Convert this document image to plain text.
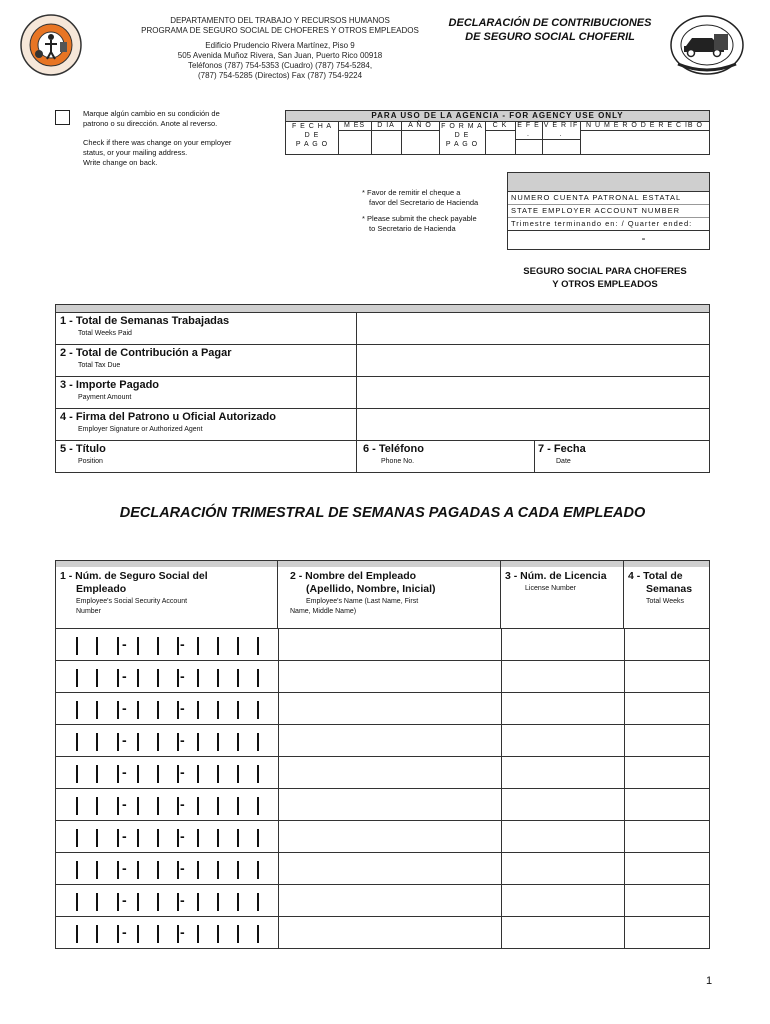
DEPARTAMENTO DEL TRABAJO Y RECURSOS HUMANOS
PROGRAMA DE SEGURO SOCIAL DE CHOFERES Y OTROS EMPLEADOS
Edificio Prudencio Rivera Martínez, Piso 9
505 Avenida Muñoz Rivera, San Juan, Puerto Rico 00918
Teléfonos (787) 754-5353 (Cuadro) (787) 754-5284,
(787) 754-5285 (Directos) Fax (787) 754-9224
DECLARACIÓN DE CONTRIBUCIONES
DE SEGURO SOCIAL CHOFERIL
Marque algún cambio en su condición de
patrono o su dirección. Anote al reverso.
Check if there was change on your employer
status, or your mailing address.
Write change on back.
PARA USO DE LA AGENCIA - FOR AGENCY USE ONLY
F E C H A
D E
P A G O
M ES	D IA	A Ñ O	F O R M A
D E
P A G O
C K	E F E .
V E R IF .
N U M E R O D E R E C IB O
* Favor de remitir el cheque a
favor del Secretario de Hacienda
* Please submit the check payable
to Secretario de Hacienda
NUMERO CUENTA PATRONAL ESTATAL
STATE EMPLOYER ACCOUNT NUMBER
Trimestre terminando en: / Quarter ended:
-
SEGURO SOCIAL PARA CHOFERES
Y OTROS EMPLEADOS
1 - Total de Semanas Trabajadas
Total Weeks Paid
2 - Total de Contribución a Pagar
Total Tax Due
3 - Importe Pagado
Payment Amount
4 - Firma del Patrono u Oficial Autorizado
Employer Signature or Authorized Agent
5 - Título
Position
6 - Teléfono
Phone No.
7 - Fecha
Date
DECLARACIÓN TRIMESTRAL DE SEMANAS PAGADAS A CADA EMPLEADO
1 - Núm. de Seguro Social del
Empleado
Employee's Social Security Account
Number
2 - Nombre del Empleado
(Apellido, Nombre, Inicial)
Employee's Name (Last Name, First
Name, Middle Name)
3 - Núm. de Licencia
License Number
4 - Total de
Semanas
Total Weeks
-	-
-	-
-	-
-	-
-	-
-	-
-	-
-	-
-	-
-	-
1
